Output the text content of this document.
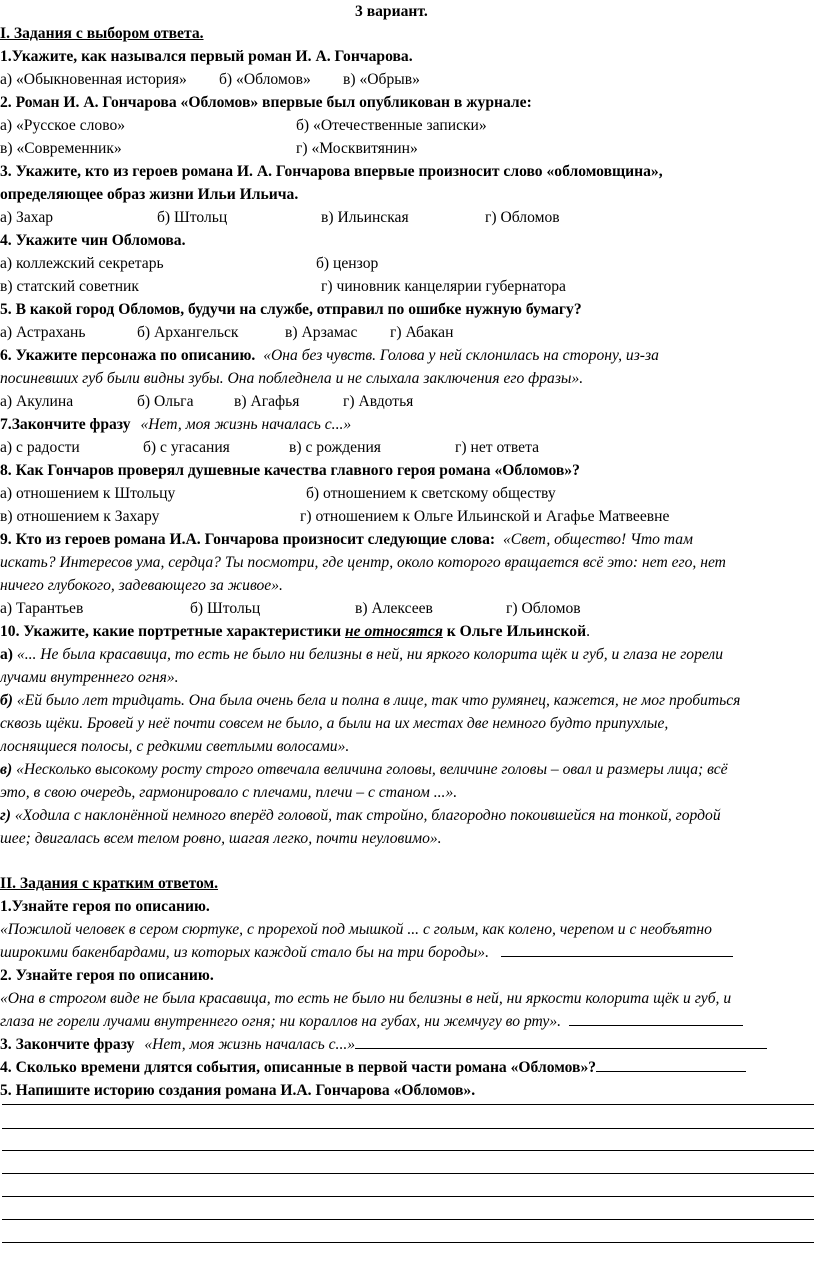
3 вариант.
I. Задания с выбором ответа.
1.Укажите, как назывался первый роман И. А. Гончарова.
а) «Обыкновенная история» б) «Обломов» в) «Обрыв»
2. Роман И. А. Гончарова «Обломов» впервые был опубликован в журнале:
а) «Русское слово»	б) «Отечественные записки»
в) «Современник»	г) «Москвитянин»
3. Укажите, кто из героев романа И. А. Гончарова впервые произносит слово «обломовщина»,
определяющее образ жизни Ильи Ильича.
а) Захар	б) Штольц	в) Ильинская	г) Обломов
4. Укажите чин Обломова.
а) коллежский секретарь	б) цензор
в) статский советник	г) чиновник канцелярии губернатора
5. В какой город Обломов, будучи на службе, отправил по ошибке нужную бумагу?
а) Астрахань	б) Архангельск	в) Арзамас г) Абакан
6. Укажите персонажа по описанию. «Она без чувств. Голова у ней склонилась на сторону, из-за
посиневших губ были видны зубы. Она побледнела и не слыхала заключения его фразы».
а) Акулина	б) Ольга	в) Агафья	г) Авдотья
7.Закончите фразу «Нет, моя жизнь началась с...»
а) с радости	б) с угасания	в) с рождения	г) нет ответа
8. Как Гончаров проверял душевные качества главного героя романа «Обломов»?
а) отношением к Штольцу	б) отношением к светскому обществу
в) отношением к Захару	г) отношением к Ольге Ильинской и Агафье Матвеевне
9. Кто из героев романа И.А. Гончарова произносит следующие слова: «Свет, общество! Что там
искать? Интересов ума, сердца? Ты посмотри, где центр, около которого вращается всё это: нет его, нет
ничего глубокого, задевающего за живое».
а) Тарантьев	б) Штольц	в) Алексеев	г) Обломов
10. Укажите, какие портретные характеристики не относятся к Ольге Ильинской.
а) «... Не была красавица, то есть не было ни белизны в ней, ни яркого колорита щёк и губ, и глаза не горели
лучами внутреннего огня».
б) «Ей было лет тридцать. Она была очень бела и полна в лице, так что румянец, кажется, не мог пробиться
сквозь щёки. Бровей у неё почти совсем не было, а были на их местах две немного будто припухлые,
лоснящиеся полосы, с редкими светлыми волосами».
в) «Несколько высокому росту строго отвечала величина головы, величине головы – овал и размеры лица; всё
это, в свою очередь, гармонировало с плечами, плечи – с станом ...».
г) «Ходила с наклонённой немного вперёд головой, так стройно, благородно покоившейся на тонкой, гордой
шее; двигалась всем телом ровно, шагая легко, почти неуловимо».
II. Задания с кратким ответом.
1.Узнайте героя по описанию.
«Пожилой человек в сером сюртуке, с прорехой под мышкой ... с голым, как колено, черепом и с необъятно
широкими бакенбардами, из которых каждой стало бы на три бороды».
2. Узнайте героя по описанию.
«Она в строгом виде не была красавица, то есть не было ни белизны в ней, ни яркости колорита щёк и губ, и
глаза не горели лучами внутреннего огня; ни кораллов на губах, ни жемчугу во рту».
3. Закончите фразу «Нет, моя жизнь началась с...»
4. Сколько времени длятся события, описанные в первой части романа «Обломов»?
5. Напишите историю создания романа И.А. Гончарова «Обломов».
